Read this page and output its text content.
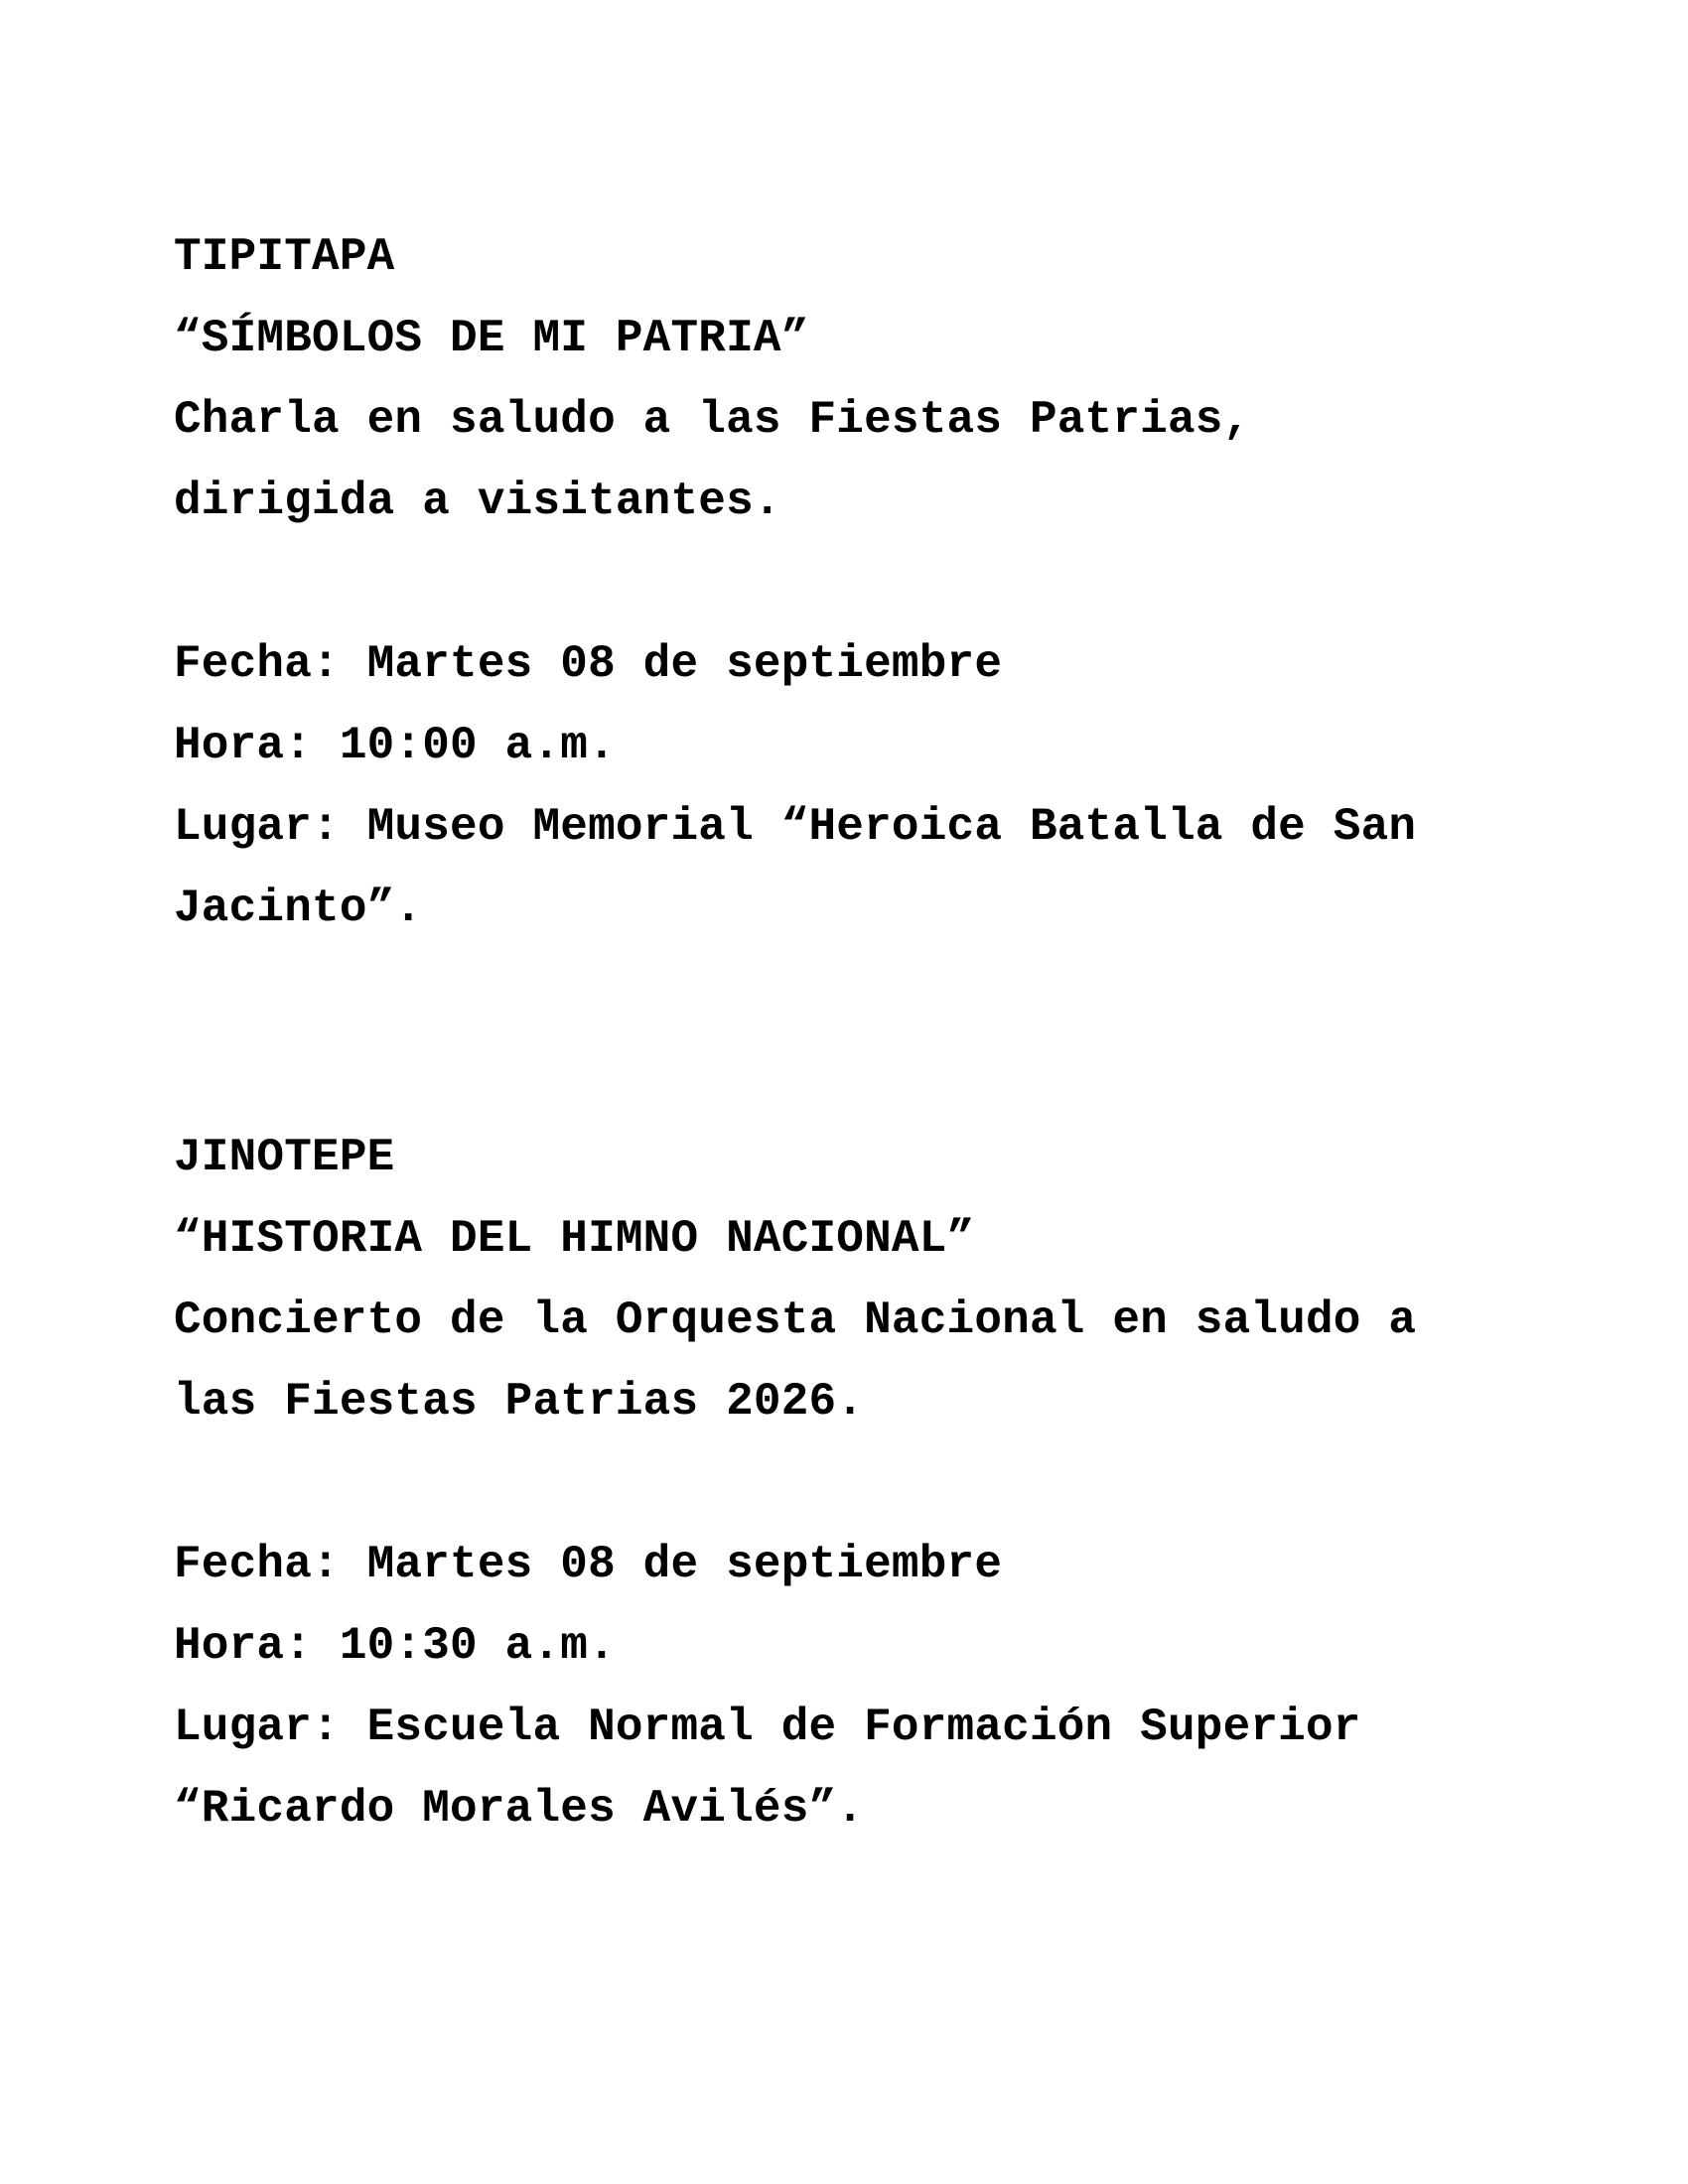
TIPITAPA
“SÍMBOLOS DE MI PATRIA”
Charla en saludo a las Fiestas Patrias,
dirigida a visitantes.
Fecha: Martes 08 de septiembre
Hora: 10:00 a.m.
Lugar: Museo Memorial “Heroica Batalla de San
Jacinto”.
JINOTEPE
“HISTORIA DEL HIMNO NACIONAL”
Concierto de la Orquesta Nacional en saludo a
las Fiestas Patrias 2026.
Fecha: Martes 08 de septiembre
Hora: 10:30 a.m.
Lugar: Escuela Normal de Formación Superior
“Ricardo Morales Avilés”.
